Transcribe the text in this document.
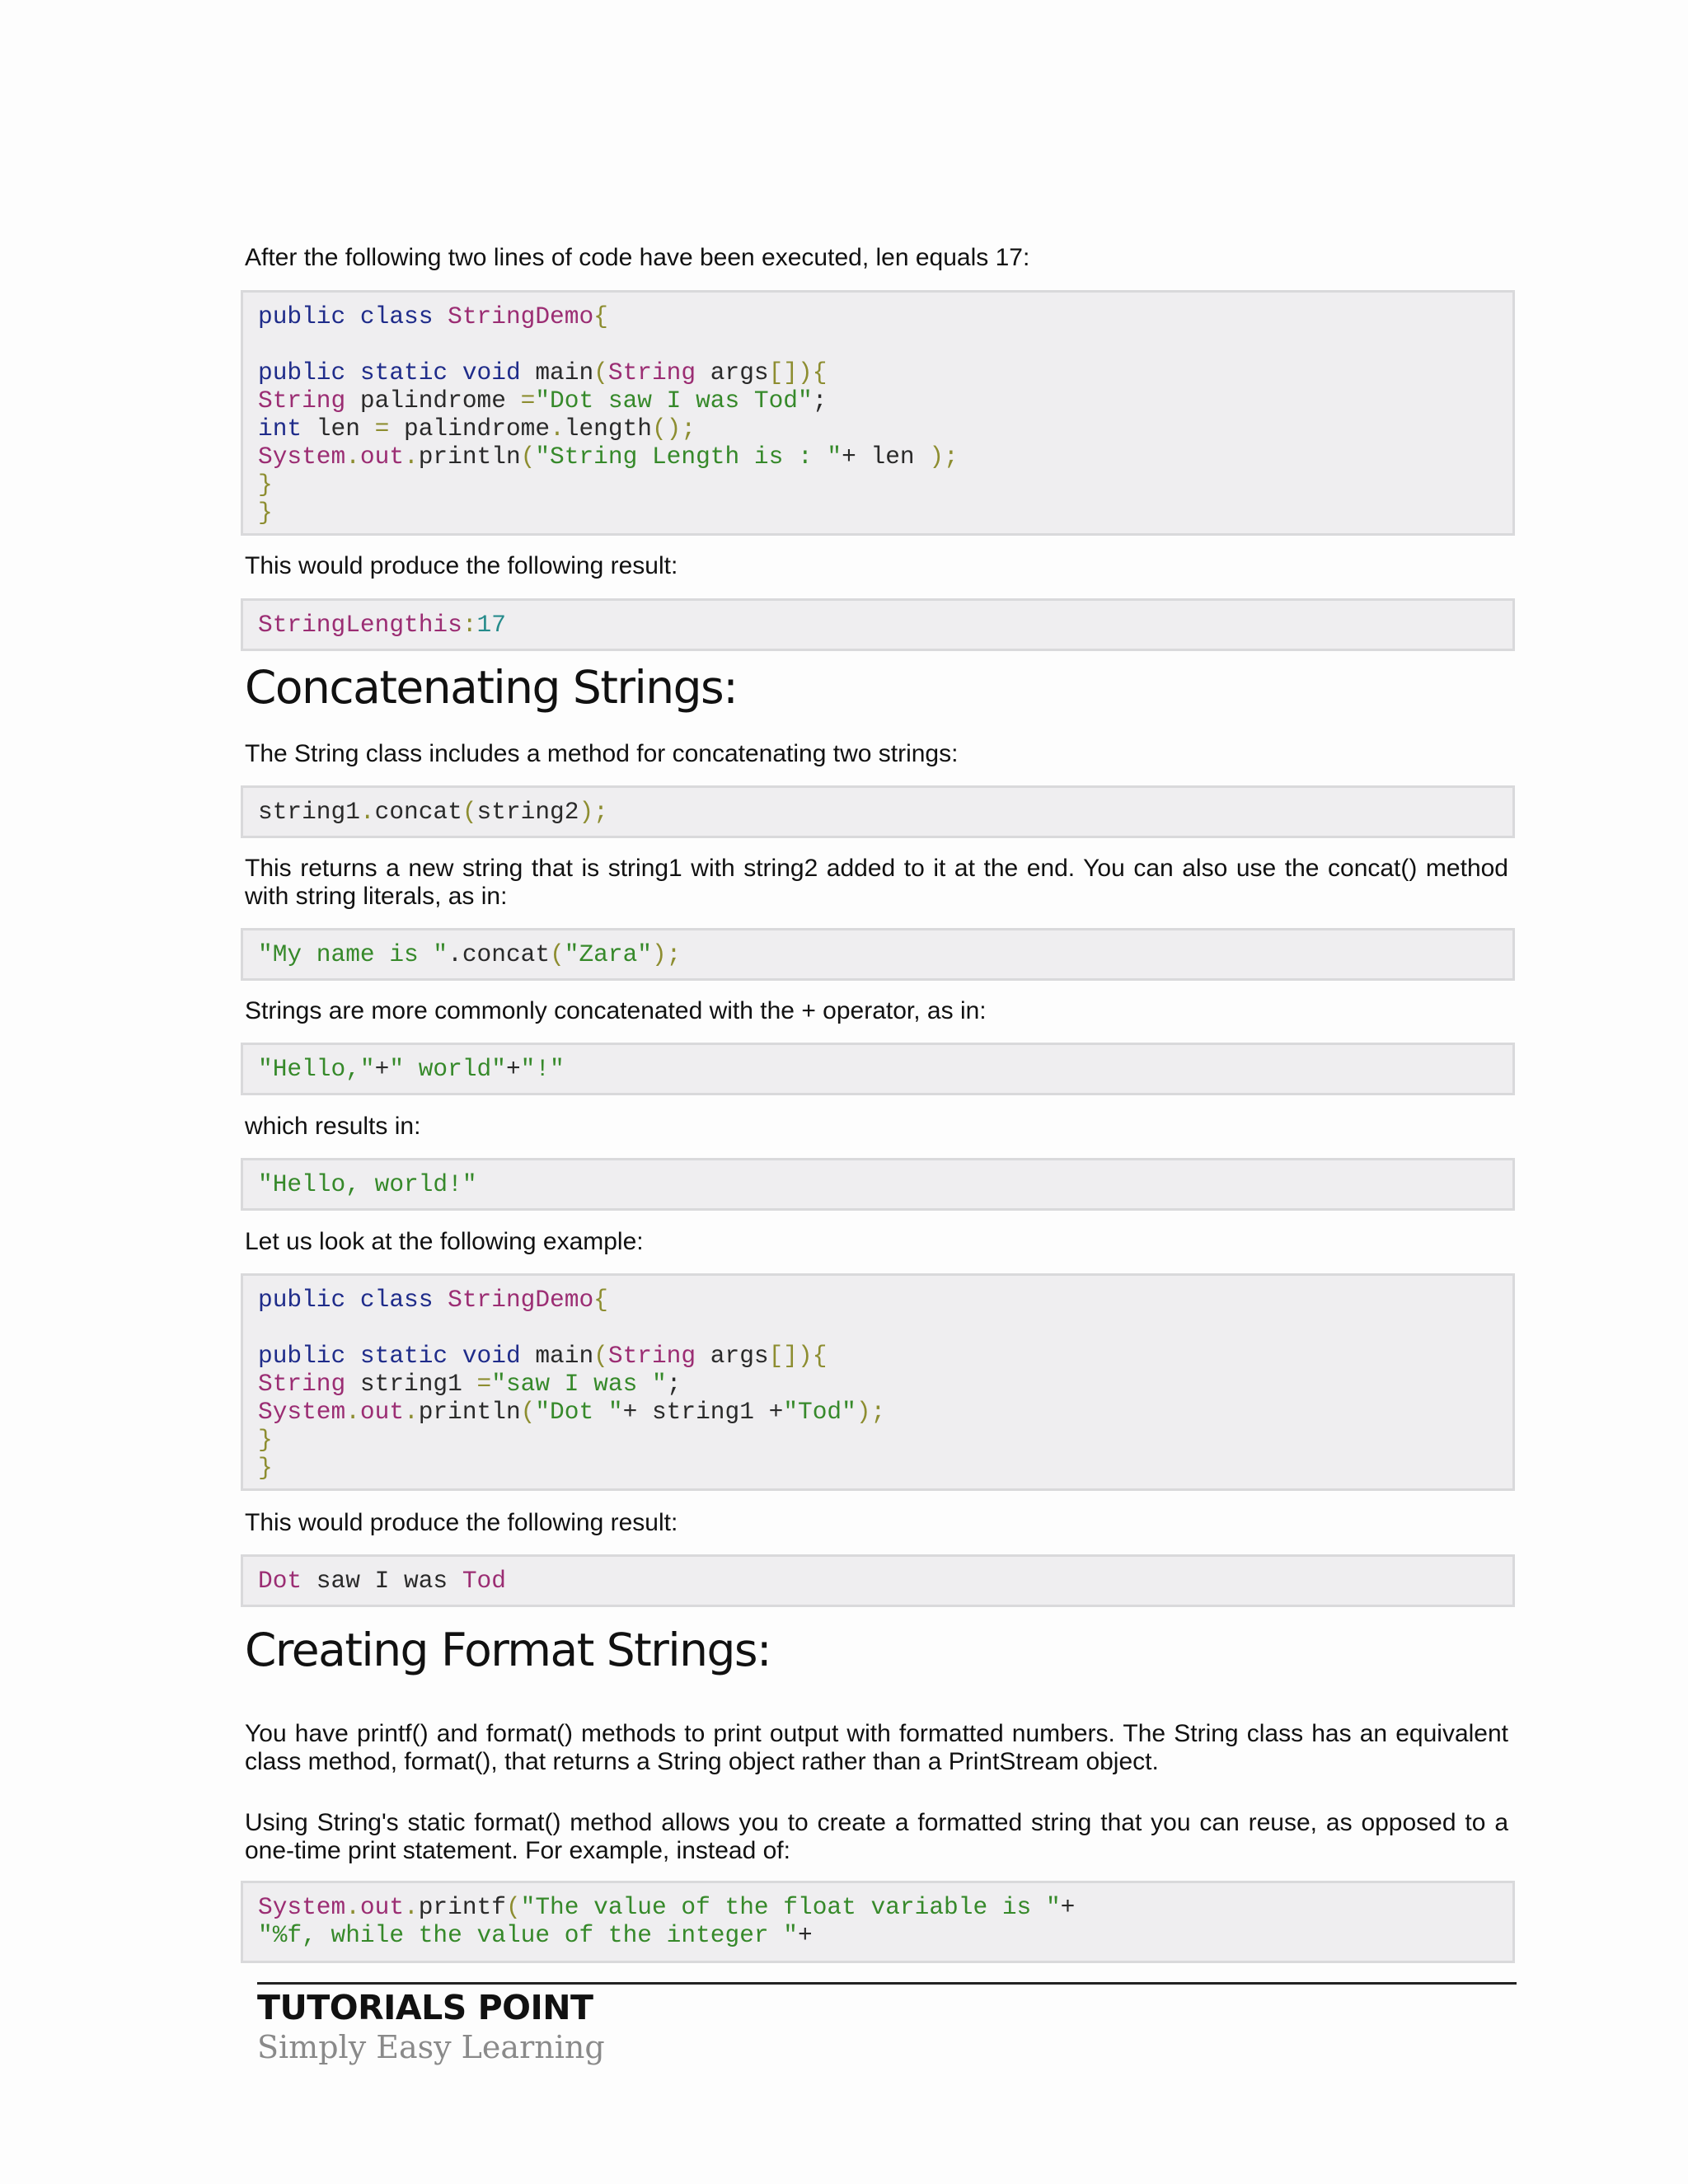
After the following two lines of code have been executed, len equals 17:

public class StringDemo{
public static void main(String args[]){
String palindrome ="Dot saw I was Tod";
int len = palindrome.length();
System.out.println("String Length is : "+ len );
}
}

This would produce the following result:

StringLengthis:17
Concatenating Strings:

The String class includes a method for concatenating two strings:

string1.concat(string2);

This returns a new string that is string1 with string2 added to it at the end. You can also use the concat() method with string literals, as in:

"My name is ".concat("Zara");

Strings are more commonly concatenated with the + operator, as in:

"Hello,"+" world"+"!"

which results in:

"Hello, world!"

Let us look at the following example:

public class StringDemo{
public static void main(String args[]){
String string1 ="saw I was ";
System.out.println("Dot "+ string1 +"Tod");
}
}

This would produce the following result:

Dot saw I was Tod
Creating Format Strings:

You have printf() and format() methods to print output with formatted numbers. The String class has an equivalent class method, format(), that returns a String object rather than a PrintStream object.

Using String's static format() method allows you to create a formatted string that you can reuse, as opposed to a one-time print statement. For example, instead of:

System.out.printf("The value of the float variable is "+
"%f, while the value of the integer "+
TUTORIALS POINT
Simply Easy Learning
